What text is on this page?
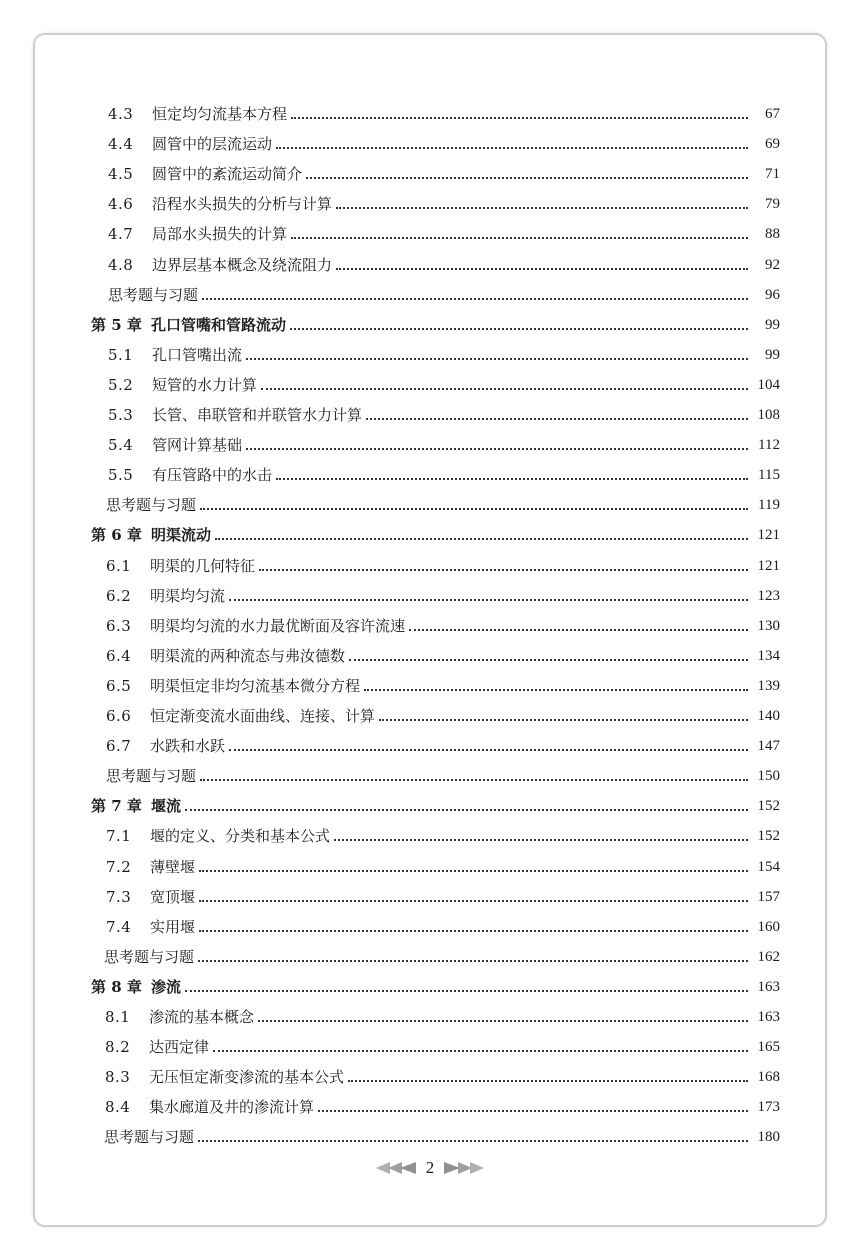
4.3	恒定均匀流基本方程	67
4.4	圆管中的层流运动	69
4.5	圆管中的紊流运动简介	71
4.6	沿程水头损失的分析与计算	79
4.7	局部水头损失的计算	88
4.8	边界层基本概念及绕流阻力	92
思考题与习题	96
第 5 章 孔口管嘴和管路流动	99
5.1	孔口管嘴出流	99
5.2	短管的水力计算	104
5.3	长管、串联管和并联管水力计算	108
5.4	管网计算基础	112
5.5	有压管路中的水击	115
思考题与习题	119
第 6 章 明渠流动	121
6.1	明渠的几何特征	121
6.2	明渠均匀流	123
6.3	明渠均匀流的水力最优断面及容许流速	130
6.4	明渠流的两种流态与弗汝德数	134
6.5	明渠恒定非均匀流基本微分方程	139
6.6	恒定渐变流水面曲线、连接、计算	140
6.7	水跌和水跃	147
思考题与习题	150
第 7 章 堰流	152
7.1	堰的定义、分类和基本公式	152
7.2	薄壁堰	154
7.3	宽顶堰	157
7.4	实用堰	160
思考题与习题	162
第 8 章 渗流	163
8.1	渗流的基本概念	163
8.2	达西定律	165
8.3	无压恒定渐变渗流的基本公式	168
8.4	集水廊道及井的渗流计算	173
思考题与习题	180
2
